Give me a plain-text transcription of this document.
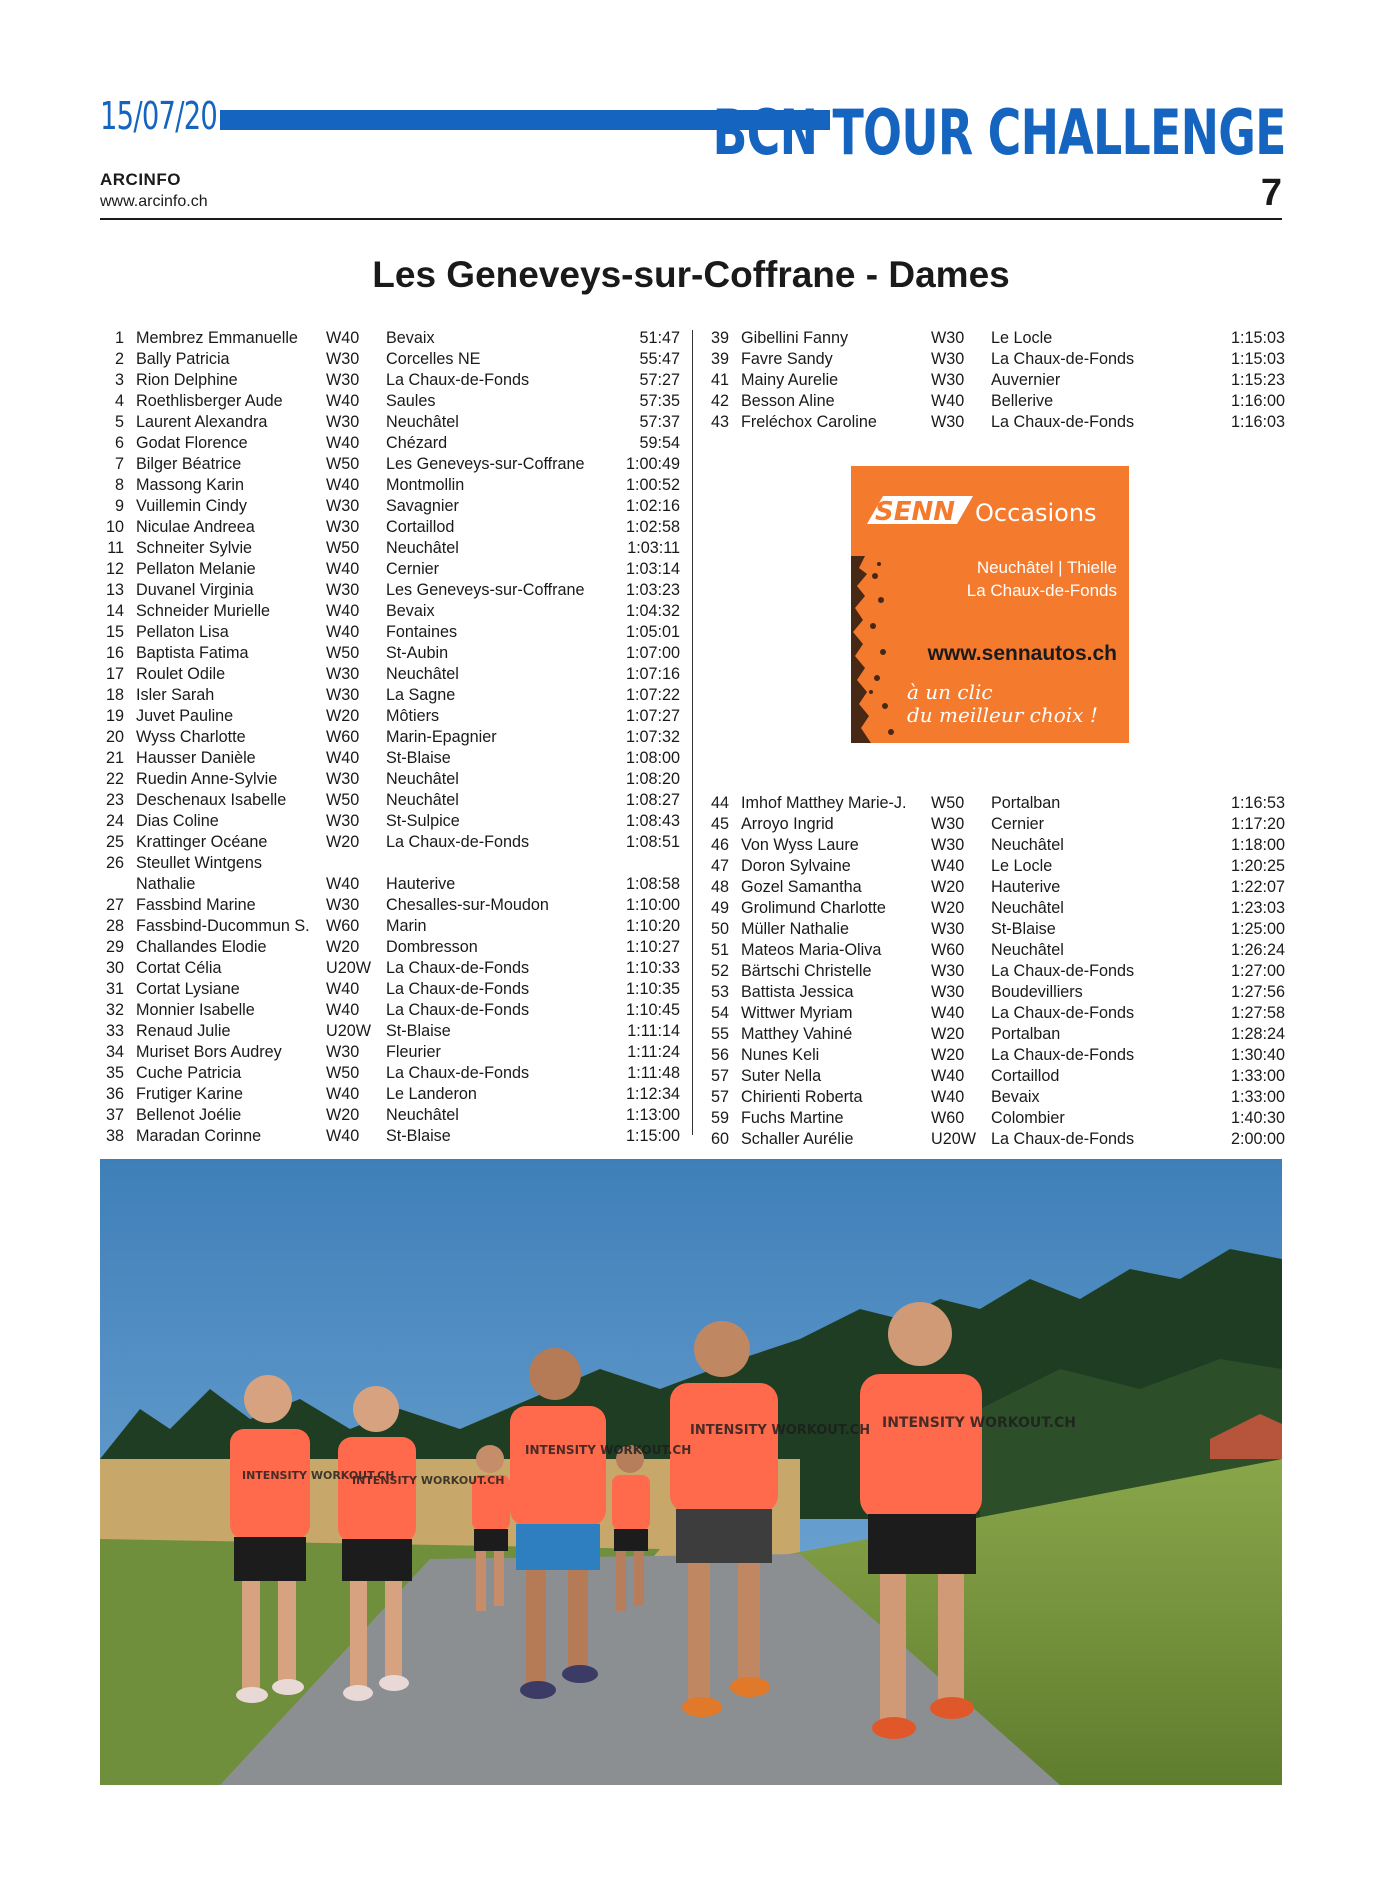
15/07/20	BCN TOUR CHALLENGE
ARCINFO
www.arcinfo.ch	7
Les Geneveys-sur-Coffrane - Dames
1 Membrez Emmanuelle	W40	Bevaix	51:47
2 Bally Patricia	W30	Corcelles NE	55:47
3 Rion Delphine	W30	La Chaux-de-Fonds	57:27
4 Roethlisberger Aude	W40	Saules	57:35
5 Laurent Alexandra	W30	Neuchâtel	57:37
6 Godat Florence	W40	Chézard	59:54
7 Bilger Béatrice	W50	Les Geneveys-sur-Coffrane	1:00:49
8 Massong Karin	W40	Montmollin	1:00:52
9 Vuillemin Cindy	W30	Savagnier	1:02:16
10 Niculae Andreea	W30	Cortaillod	1:02:58
11 Schneiter Sylvie	W50	Neuchâtel	1:03:11
12 Pellaton Melanie	W40	Cernier	1:03:14
13 Duvanel Virginia	W30	Les Geneveys-sur-Coffrane	1:03:23
14 Schneider Murielle	W40	Bevaix	1:04:32
15 Pellaton Lisa	W40	Fontaines	1:05:01
16 Baptista Fatima	W50	St-Aubin	1:07:00
17 Roulet Odile	W30	Neuchâtel	1:07:16
18 Isler Sarah	W30	La Sagne	1:07:22
19 Juvet Pauline	W20	Môtiers	1:07:27
20 Wyss Charlotte	W60	Marin-Epagnier	1:07:32
21 Hausser Danièle	W40	St-Blaise	1:08:00
22 Ruedin Anne-Sylvie	W30	Neuchâtel	1:08:20
23 Deschenaux Isabelle	W50	Neuchâtel	1:08:27
24 Dias Coline	W30	St-Sulpice	1:08:43
25 Krattinger Océane	W20	La Chaux-de-Fonds	1:08:51
26 Steullet Wintgens
Nathalie	W40	Hauterive	1:08:58
27 Fassbind Marine	W30	Chesalles-sur-Moudon	1:10:00
28 Fassbind-Ducommun S.	W60	Marin	1:10:20
29 Challandes Elodie	W20	Dombresson	1:10:27
30 Cortat Célia	U20W La Chaux-de-Fonds	1:10:33
31 Cortat Lysiane	W40	La Chaux-de-Fonds	1:10:35
32 Monnier Isabelle	W40	La Chaux-de-Fonds	1:10:45
33 Renaud Julie	U20W St-Blaise	1:11:14
34 Muriset Bors Audrey	W30	Fleurier	1:11:24
35 Cuche Patricia	W50	La Chaux-de-Fonds	1:11:48
36 Frutiger Karine	W40	Le Landeron	1:12:34
37 Bellenot Joélie	W20	Neuchâtel	1:13:00
38 Maradan Corinne	W40	St-Blaise	1:15:00
39 Gibellini Fanny	W30	Le Locle	1:15:03
39 Favre Sandy	W30	La Chaux-de-Fonds	1:15:03
41 Mainy Aurelie	W30	Auvernier	1:15:23
42 Besson Aline	W40	Bellerive	1:16:00
43 Freléchox Caroline	W30	La Chaux-de-Fonds	1:16:03
44 Imhof Matthey Marie-J.	W50	Portalban	1:16:53
45 Arroyo Ingrid	W30	Cernier	1:17:20
46 Von Wyss Laure	W30	Neuchâtel	1:18:00
47 Doron Sylvaine	W40	Le Locle	1:20:25
48 Gozel Samantha	W20	Hauterive	1:22:07
49 Grolimund Charlotte	W20	Neuchâtel	1:23:03
50 Müller Nathalie	W30	St-Blaise	1:25:00
51 Mateos Maria-Oliva	W60	Neuchâtel	1:26:24
52 Bärtschi Christelle	W30	La Chaux-de-Fonds	1:27:00
53 Battista Jessica	W30	Boudevilliers	1:27:56
54 Wittwer Myriam	W40	La Chaux-de-Fonds	1:27:58
55 Matthey Vahiné	W20	Portalban	1:28:24
56 Nunes Keli	W20	La Chaux-de-Fonds	1:30:40
57 Suter Nella	W40	Cortaillod	1:33:00
57 Chirienti Roberta	W40	Bevaix	1:33:00
59 Fuchs Martine	W60	Colombier	1:40:30
60 Schaller Aurélie	U20W La Chaux-de-Fonds	2:00:00
SENN Occasions
Neuchâtel | Thielle
La Chaux-de-Fonds
www.sennautos.ch
à un clic
du meilleur choix !
INTENSITY WORKOUT.CH
INTENSITY WORKOUT.CH
INTENSITY WORKOUT.CH
INTENSITY WORKOUT.CH INTENSITY WORKOUT.CH
